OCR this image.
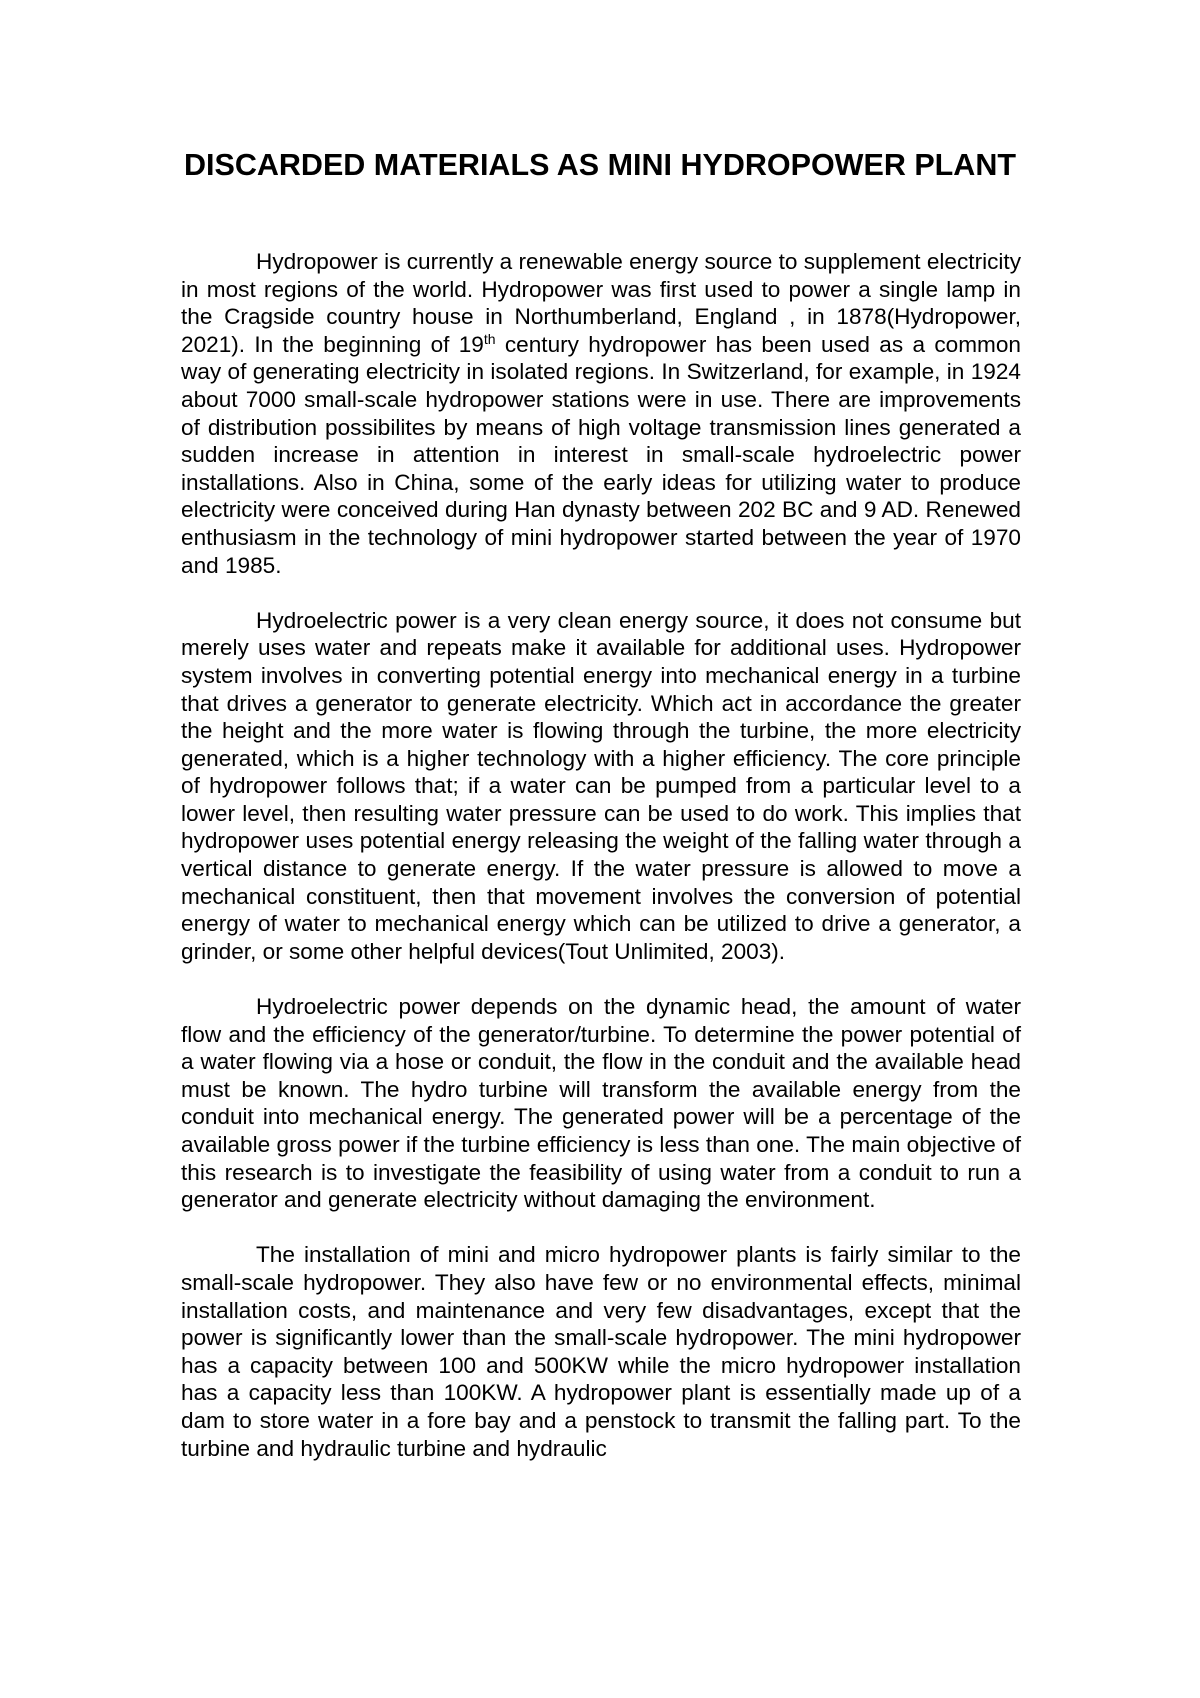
DISCARDED MATERIALS AS MINI HYDROPOWER PLANT

Hydropower is currently a renewable energy source to supplement electricity in most regions of the world. Hydropower was first used to power a single lamp in the Cragside country house in Northumberland, England , in 1878(Hydropower, 2021). In the beginning of 19th century hydropower has been used as a common way of generating electricity in isolated regions. In Switzerland, for example, in 1924 about 7000 small-scale hydropower stations were in use. There are improvements of distribution possibilites by means of high voltage transmission lines generated a sudden increase in attention in interest in small-scale hydroelectric power installations. Also in China, some of the early ideas for utilizing water to produce electricity were conceived during Han dynasty between 202 BC and 9 AD. Renewed enthusiasm in the technology of mini hydropower started between the year of 1970 and 1985.

Hydroelectric power is a very clean energy source, it does not consume but merely uses water and repeats make it available for additional uses. Hydropower system involves in converting potential energy into mechanical energy in a turbine that drives a generator to generate electricity. Which act in accordance the greater the height and the more water is flowing through the turbine, the more electricity generated, which is a higher technology with a higher efficiency. The core principle of hydropower follows that; if a water can be pumped from a particular level to a lower level, then resulting water pressure can be used to do work. This implies that hydropower uses potential energy releasing the weight of the falling water through a vertical distance to generate energy. If the water pressure is allowed to move a mechanical constituent, then that movement involves the conversion of potential energy of water to mechanical energy which can be utilized to drive a generator, a grinder, or some other helpful devices(Tout Unlimited, 2003).

Hydroelectric power depends on the dynamic head, the amount of water flow and the efficiency of the generator/turbine. To determine the power potential of a water flowing via a hose or conduit, the flow in the conduit and the available head must be known. The hydro turbine will transform the available energy from the conduit into mechanical energy. The generated power will be a percentage of the available gross power if the turbine efficiency is less than one. The main objective of this research is to investigate the feasibility of using water from a conduit to run a generator and generate electricity without damaging the environment.

The installation of mini and micro hydropower plants is fairly similar to the small-scale hydropower. They also have few or no environmental effects, minimal installation costs, and maintenance and very few disadvantages, except that the power is significantly lower than the small-scale hydropower. The mini hydropower has a capacity between 100 and 500KW while the micro hydropower installation has a capacity less than 100KW. A hydropower plant is essentially made up of a dam to store water in a fore bay and a penstock to transmit the falling part. To the turbine and hydraulic turbine and hydraulic
